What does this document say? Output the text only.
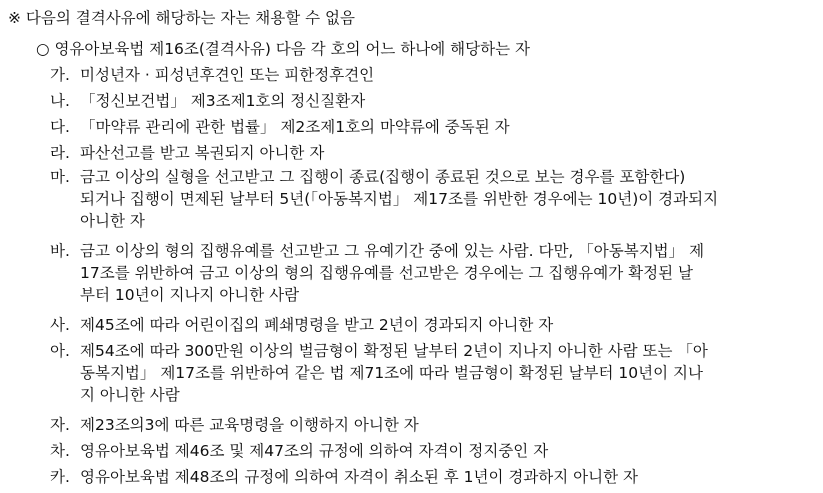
※ 다음의 결격사유에 해당하는 자는 채용할 수 없음
○ 영유아보육법 제16조(결격사유) 다음 각 호의 어느 하나에 해당하는 자
가. 미성년자 · 피성년후견인 또는 피한정후견인
나. 「정신보건법」 제3조제1호의 정신질환자
다. 「마약류 관리에 관한 법률」 제2조제1호의 마약류에 중독된 자
라. 파산선고를 받고 복권되지 아니한 자
마. 금고 이상의 실형을 선고받고 그 집행이 종료(집행이 종료된 것으로 보는 경우를 포함한다)
되거나 집행이 면제된 날부터 5년(「아동복지법」 제17조를 위반한 경우에는 10년)이 경과되지
아니한 자
바. 금고 이상의 형의 집행유예를 선고받고 그 유예기간 중에 있는 사람. 다만, 「아동복지법」 제
17조를 위반하여 금고 이상의 형의 집행유예를 선고받은 경우에는 그 집행유예가 확정된 날
부터 10년이 지나지 아니한 사람
사. 제45조에 따라 어린이집의 폐쇄명령을 받고 2년이 경과되지 아니한 자
아. 제54조에 따라 300만원 이상의 벌금형이 확정된 날부터 2년이 지나지 아니한 사람 또는 「아
동복지법」 제17조를 위반하여 같은 법 제71조에 따라 벌금형이 확정된 날부터 10년이 지나
지 아니한 사람
자. 제23조의3에 따른 교육명령을 이행하지 아니한 자
차. 영유아보육법 제46조 및 제47조의 규정에 의하여 자격이 정지중인 자
카. 영유아보육법 제48조의 규정에 의하여 자격이 취소된 후 1년이 경과하지 아니한 자
